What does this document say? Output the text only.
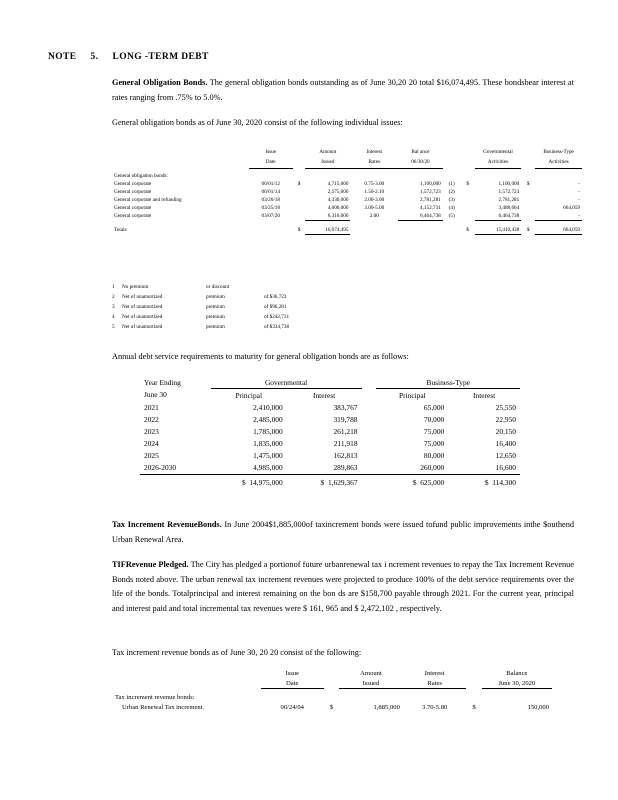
NOTE 5. LONG -TERM DEBT
General Obligation Bonds. The general obligation bonds outstanding as of June 30,20 20 total $16,074,495. These bondsbear interest at rates ranging from .75% to 5.0%.
General obligation bonds as of June 30, 2020 consist of the following individual issues:
	Issue		Amount	Interest	Bal ance			Governmental		Business-Type
	Date		Issued	Rates	06/30/20			Activities		Activities
General obligation bonds:										
General corporate	06/01/12	$	4,715,000	0.75-3.00	1,100,000	(1)	$	1,100,000	$	-
General corporate	06/01/14		2,575,000	1.50-2.10	1,572,723	(2)		1,572,723		-
General corporate and refunding	03/26/18		4,330,000	2.00-3.00	2,781,281	(3)		2,781,281		-
General corporate	03/25/18		4,000,000	3.00-5.00	4,152,731	(4)		3,488,664		664,059
General corporate	03/07/20		6,310,000	2.00	6,464,738	(5)		6,464,738		-
Totals		$	16,074,495				$	15,410,438	$	664,059
1 No premium	or discount
2 Net of unamortized	premium	of $36,723
3 Net of unamortized	premium	of $96,281
4 Net of unamortized	premium	of $242,731
5 Net of unamortized	premium	of $334,738
Annual debt service requirements to maturity for general obligation bonds are as follows:
Year Ending	Governmental			Business-Type	
June 30	Principal	Interest		Principal	Interest
2021	2,410,000	383,767		65,000	25,550
2022	2,485,000	319,788		70,000	22,950
2023	1,785,000	261,218		75,000	20,150
2024	1,835,000	211,918		75,000	16,400
2025	1,475,000	162,813		80,000	12,650
2026-2030	4,985,000	289,863		260,000	16,600
	$ 14,975,000	$ 1,629,367		$ 625,000	$ 114,300
Tax Increment RevenueBonds. In June 2004$1,885,000of taxincrement bonds were issued tofund public improvements inthe $outhend Urban Renewal Area.
TIFRevenue Pledged. The City has pledged a portionof future urbanrenewal tax i ncrement revenues to repay the Tax Increment Revenue Bonds noted above. The urban renewal tax increment revenues were projected to produce 100% of the debt service requirements over the life of the bonds. Totalprincipal and interest remaining on the bon ds are $158,700 payable through 2021. For the current year, principal and interest paid and total incremental tax revenues were $ 161, 965 and $ 2,472,102 , respectively.
Tax increment revenue bonds as of June 30, 20 20 consist of the following:
	Issue		Amount	Interest		Balance
	Date		Issued	Rates		June 30, 2020
Tax increment revenue bonds:						
Urban Renewal Tax increment	06/24/04	$	1,885,000	3.70-5.80	$	150,000
